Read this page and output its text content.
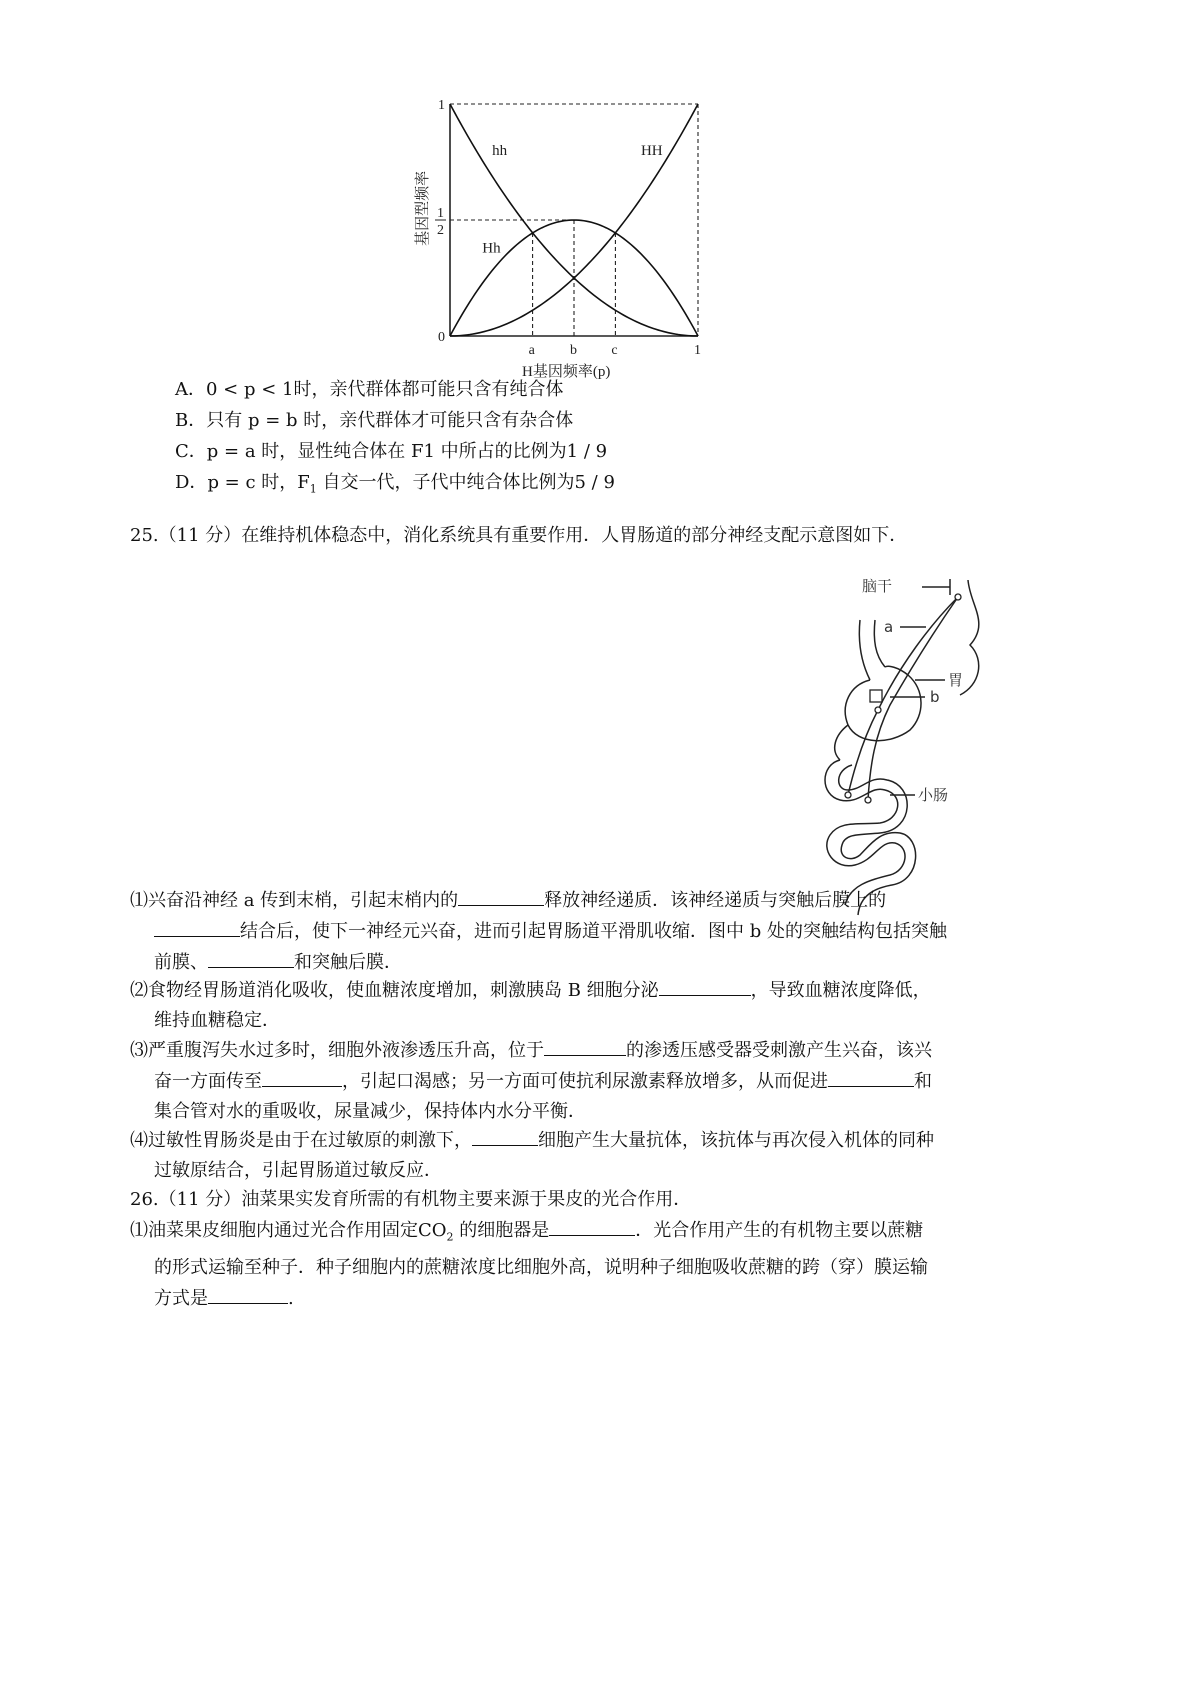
hh	HH
Hh
0
1
1
2
a	b c	1
H基因频率(p)
基因型频率
A．0 < p < 1时，亲代群体都可能只含有纯合体
B．只有 p = b 时，亲代群体才可能只含有杂合体
C．p = a 时，显性纯合体在 F1 中所占的比例为1 / 9
D．p = c 时，$F_1$ 自交一代，子代中纯合体比例为5 / 9
25.（11 分）在维持机体稳态中，消化系统具有重要作用．人胃肠道的部分神经支配示意图如下．
脑干
a
胃
b
小肠
⑴兴奋沿神经 a 传到末梢，引起末梢内的	释放神经递质．该神经递质与突触后膜上的
结合后，使下一神经元兴奋，进而引起胃肠道平滑肌收缩．图中 b 处的突触结构包括突触
前膜、	和突触后膜．
⑵食物经胃肠道消化吸收，使血糖浓度增加，刺激胰岛 B 细胞分泌	，导致血糖浓度降低，
维持血糖稳定．
⑶严重腹泻失水过多时，细胞外液渗透压升高，位于	的渗透压感受器受刺激产生兴奋，该兴
奋一方面传至	，引起口渴感；另一方面可使抗利尿激素释放增多，从而促进	和
集合管对水的重吸收，尿量减少，保持体内水分平衡．
⑷过敏性胃肠炎是由于在过敏原的刺激下，	细胞产生大量抗体，该抗体与再次侵入机体的同种
过敏原结合，引起胃肠道过敏反应．
26.（11 分）油菜果实发育所需的有机物主要来源于果皮的光合作用．
⑴油菜果皮细胞内通过光合作用固定$CO_2$ 的细胞器是	．光合作用产生的有机物主要以蔗糖
的形式运输至种子．种子细胞内的蔗糖浓度比细胞外高，说明种子细胞吸收蔗糖的跨（穿）膜运输
方式是	.
